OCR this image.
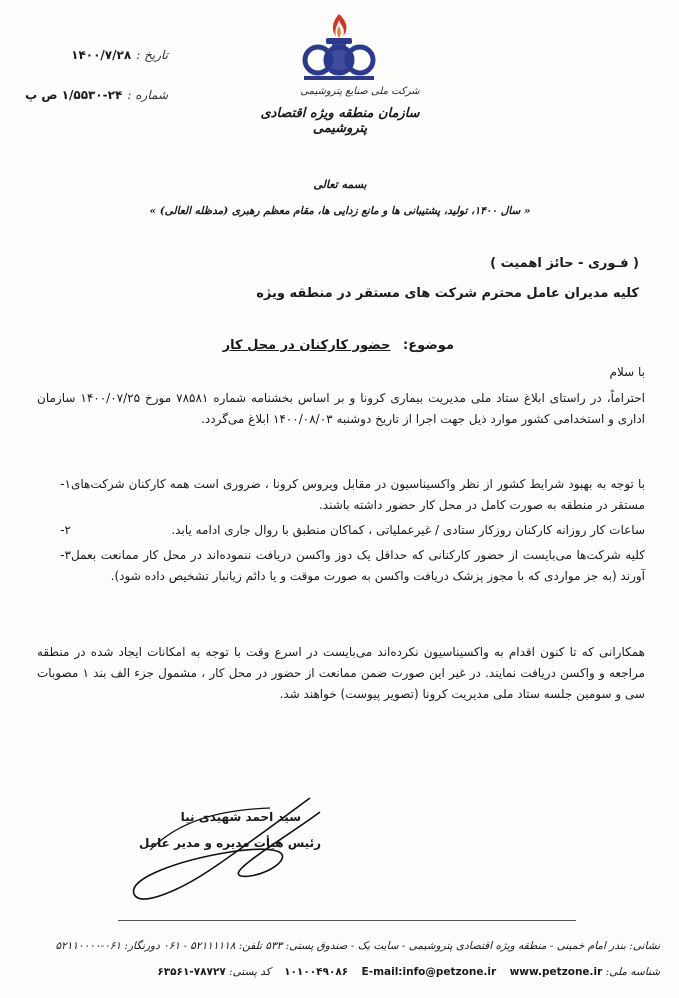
شرکت ملی صنایع پتروشیمی
سازمان منطقه ویژه اقتصادی پتروشیمی
تاریخ : ۱۴۰۰/۷/۲۸
شماره : ۲۴-۱/۵۵۳۰ ص پ
بسمه تعالی
« سال ۱۴۰۰، تولید، پشتیبانی ها و مانع زدایی ها، مقام معظم رهبری (مدظله العالی) »
( فـوری - حائز اهمیت )
کلیه مدیران عامل محترم شرکت های مستقر در منطقه ویژه
موضوع: حضور کارکنان در محل کار
با سلام
احتراماً، در راستای ابلاغ ستاد ملی مدیریت بیماری کرونا و بر اساس بخشنامه شماره ۷۸۵۸۱ مورخ ۱۴۰۰/۰۷/۲۵ سازمان اداری و استخدامی کشور موارد ذیل جهت اجرا از تاریخ دوشنبه ۱۴۰۰/۰۸/۰۳ ابلاغ می‌گردد.
۱- با توجه به بهبود شرایط کشور از نظر واکسیناسیون در مقابل ویروس کرونا ، ضروری است همه کارکنان شرکت‌های مستقر در منطقه به صورت کامل در محل کار حضور داشته باشند.
۲-	ساعات کار روزانه کارکنان روزکار ستادی / غیرعملیاتی ، کماکان منطبق با روال جاری ادامه یابد.
۳- کلیه شرکت‌ها می‌بایست از حضور کارکنانی که حداقل یک دوز واکسن دریافت ننموده‌اند در محل کار ممانعت بعمل آورند (به جز مواردی که با مجوز پزشک دریافت واکسن به صورت موقت و یا دائم زیانبار تشخیص داده شود).
همکارانی که تا کنون اقدام به واکسیناسیون نکرده‌اند می‌بایست در اسرع وقت با توجه به امکانات ایجاد شده در منطقه مراجعه و واکسن دریافت نمایند. در غیر این صورت ضمن ممانعت از حضور در محل کار ، مشمول جزء الف بند ۱ مصوبات سی و سومین جلسه ستاد ملی مدیریت کرونا (تصویر پیوست) خواهند شد.
سید احمد شهیدی نیا
رئیس هیأت مدیره و مدیر عامل
نشانی: بندر امام خمینی - منطقه ویژه اقتصادی پتروشیمی - سایت یک - صندوق پستی: ۵۳۳ تلفن: ۵۲۱۱۱۱۱۸ - ۰۶۱ دورنگار: ۰۶۱-۵۲۱۱۰۰۰۰
شناسه ملی: ۱۰۱۰۰۴۹۰۸۶ E-mail:info@petzone.ir www.petzone.ir    کد پستی: ۶۳۵۶۱-۷۸۷۲۷
